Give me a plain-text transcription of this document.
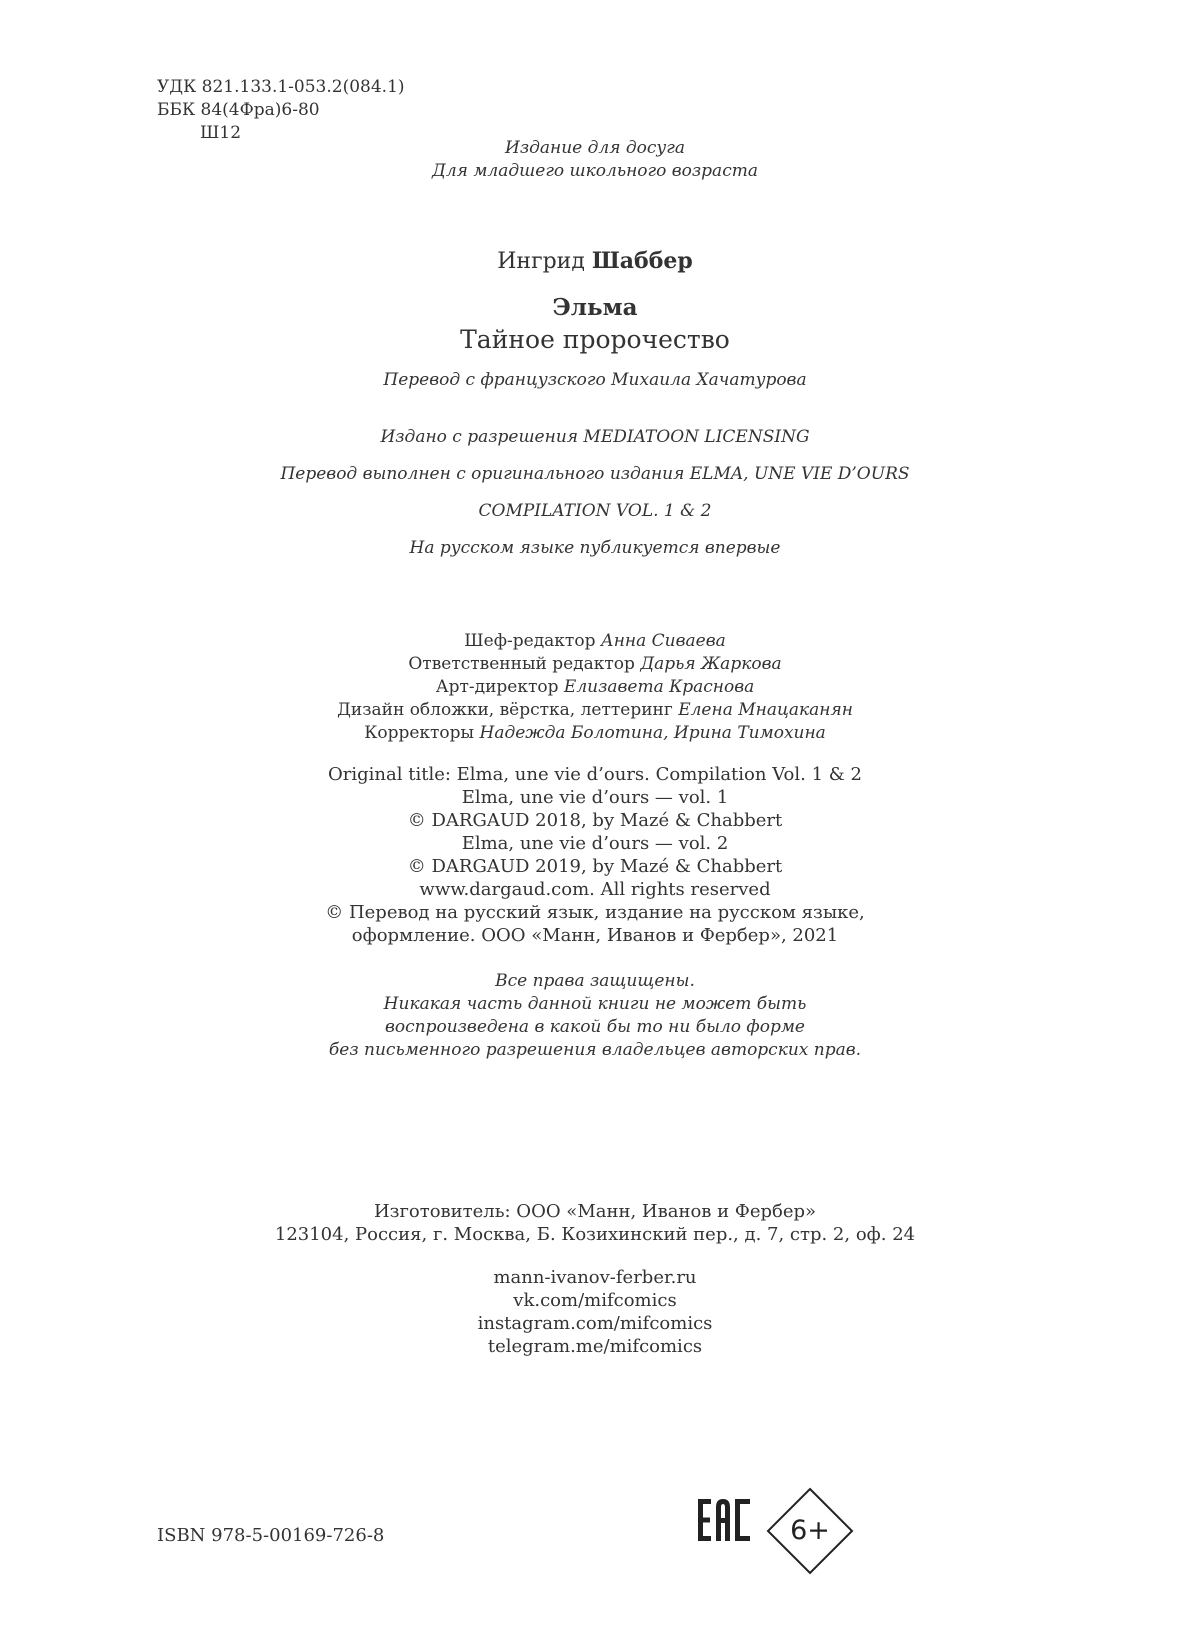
УДК 821.133.1-053.2(084.1)

ББК 84(4Фра)6-80

Ш12

Издание для досуга

Для младшего школьного возраста

Ингрид Шаббер
Эльма
Тайное пророчество
Перевод с французского Михаила Хачатурова

Издано с разрешения MEDIATOON LICENSING

Перевод выполнен с оригинального издания ELMA, UNE VIE D’OURS

COMPILATION VOL. 1 & 2

На русском языке публикуется впервые

Шеф-редактор Анна Сиваева

Ответственный редактор Дарья Жаркова

Арт-директор Елизавета Краснова

Дизайн обложки, вёрстка, леттеринг Елена Мнацаканян

Корректоры Надежда Болотина, Ирина Тимохина

Original title: Elma, une vie d’ours. Compilation Vol. 1 & 2

Elma, une vie d’ours — vol. 1

© DARGAUD 2018, by Mazé & Chabbert

Elma, une vie d’ours — vol. 2

© DARGAUD 2019, by Mazé & Chabbert

www.dargaud.com. All rights reserved

© Перевод на русский язык, издание на русском языке,

оформление. ООО «Манн, Иванов и Фербер», 2021

Все права защищены.

Никакая часть данной книги не может быть

воспроизведена в какой бы то ни было форме

без письменного разрешения владельцев авторских прав.

Изготовитель: ООО «Манн, Иванов и Фербер»

123104, Россия, г. Москва, Б. Козихинский пер., д. 7, стр. 2, оф. 24

mann-ivanov-ferber.ru

vk.com/mifcomics

instagram.com/mifcomics

telegram.me/mifcomics

ISBN 978-5-00169-726-8	6+
